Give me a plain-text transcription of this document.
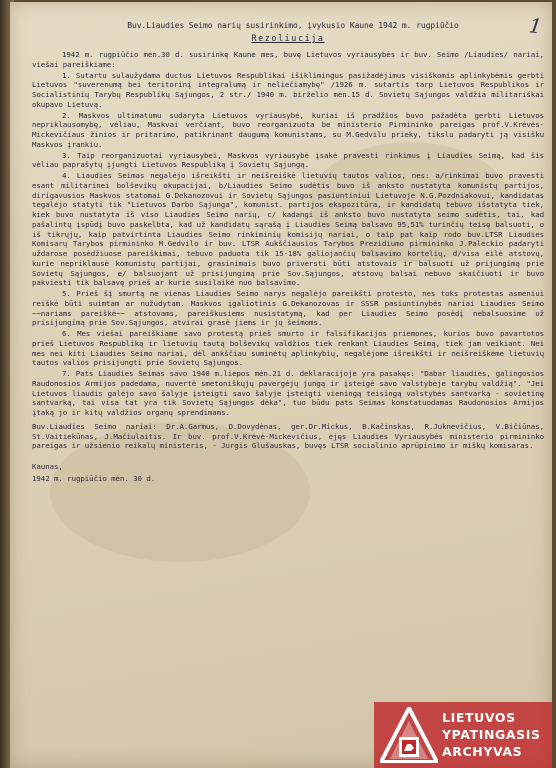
1
Buv.Liaudies Seimo narių susirinkimo, įvykusio Kaune 1942 m. rugpiūčio
Rezoliucija

1942 m. rugpiūčio mėn.30 d. susirinkę Kaune mes, buvę Lietuvos vyriausybės ir buv. Seimo /Liaudies/ nariai, viešai pareiškiame:

1. Sutartu sulaužydama ductus Lietuvos Respublikai išiklimingus pasižadėjimus visiškomis aplinkybėmis gerbti Lietuvos "suverenumą bei teritorinį integralumą ir neliečiamybę" /1926 m. sutartis tarp Lietuvos Respublikos ir Socialistinių Tarybų Respublikų Sąjungos, 2 str./ 1940 m. birželio mėn.15 d. Sovietų Sąjungos valdžia militariškai okupavo Lietuvą.

2. Maskvos ultimatumu sudaryta Lietuvos vyriausybė, kuriai iš pradžios buvo pažadėta gerbti Lietuvos nepriklausomybę, vėliau, Maskvai verčiant, buvo reorganizuota be ministerio Pirmininko pareigas prof.V.Krėvės-Mickevičiaus žinios ir pritarimo, patikrinant daugumą komunistams, su M.Gedvilu prieky, tikslu padaryti ją visišku Maskvos įrankiu.

3. Taip reorganizuotai vyriausybei, Maskvos vyriausybė įsakė pravesti rinkimus į Liaudies Seimą, kad šis vėliau paprašytų įjungti Lietuvos Respubliką į Sovietų Sąjungą.

4. Liaudies Seimas negalėjo išreikšti ir neišreiškė lietuvių tautos valios, nes: a/rinkimai buvo pravesti esant militarinei bolševikų okupacijai, b/Liaudies Seimo sudėtis buvo iš anksto nustatyta komunistų partijos, dirigavusios Maskvos statomai G.Dekanozovui ir Sovietų Sąjungos pasiuntiniui Lietuvoje N.G.Pozdniakovui, kandidatas tegalėjo statyti tik "Lietuvos Darbo Sąjunga", komunist. partijos ekspozitūra, ir kandidatų tebuvo išstatyta tiek, kiek buvo nustatyta iš viso Liaudies Seimo narių, c/ kadangi iš anksto buvo nustatyta seimo sudėtis, tai, kad pašalintų įspūdį buvo paskelbta, kad už kandidatų sąrašą į Liaudies Seimą balsavo 95,51% turinčių teisę balsuoti, o iš tikrųjų, kaip patvirtinta Liaudies Seimo rinkiminių komisijų nariai, o taip pat kaip rodo buv.LTSR Liaudies Komisarų Tarybos pirmininko M.Gedvilo ir buv. LTSR Aukščiausios Tarybos Prezidiumo pirmininko J.Paleckio padaryti uždarose posėdžiuose pareiškimai, tebuvo paduota tik 15-18% galiojančių balsavimo kortelių, d/visa eilė atstovų, kurie nepriklausė komunistų partijai, grasinimais buvo priversti būti atstovais ir balsuoti už prijungimą prie Sovietų Sąjungos, e/ balsuojant už prisijungimą prie Sov.Sąjungos, atstovų balsai nebuvo skaičiuoti ir buvo pakviesti tik balsavę prieš ar kurie susilaikė nuo balsavimo.

5. Prieš šį smurtą ne vienas Liaudies Seimo narys negalėjo pareikšti protesto, nes toks protestas asmeniui reiškė būti suimtam ar nužudytam. Maskvos įgaliotinis G.Dekanozovas ir SSSR pasiuntinybės nariai Liaudies Seimo ~~nariams pareiškė~~ atstovams, pareiškusiems nusistatymą, kad per Liaudies Seimo posėdį nebalsuosime už prisijungimą prie Sov.Sąjungos, atvirai grasė jiems ir jų šeimoms.

6. Mes viešai pareiškiame savo protestą prieš smurto ir falsifikacijos priemones, kurios buvo pavartotos prieš Lietuvos Respubliką ir lietuvių tautą bolševikų valdžios tiek renkant Liaudies Seimą, tiek jam veikiant. Nei mes nei kiti Liaudies Seimo nariai, dėl ankščiau suminėtų aplinkybių, negalėjome išreikšti ir neišreiškėme lietuvių tautos valios prisijungti prie Sovietų Sąjungos.

7. Pats Liaudies Seimas savo 1940 m.liepos mėn.21 d. deklaracijoje yra pasakęs: "Dabar liaudies, galingosios Raudonosios Armijos padedama, nuvertė smetoniškųjų pavergėjų jungą ir įsteigė savo valstybėje tarybų valdžią". "Jei Lietuvos liaudis galėjo savo šalyje įsteigti savo šalyje įsteigti vieningą teisingą valstybės santvarką - sovietinę santvarką, tai visa tat yra tik Sovietų Sąjungos dėka", tuo būdu pats Seimas konstatuodamas Raudonosios Armijos įtaką jo ir kitų valdžios organų sprendimams.

Buv.Liaudies Seimo nariai: Dr.A.Garmus, D.Dovydėnas, ger.Dr.Mickus, B.Kačinskas, R.Juknevičius, V.Bičiūnas, St.Vaitiekūnas, J.Mačiulaitis. Ir buv. prof.V.Krėvė-Mickevičius, ėjęs Liaudies Vyriausybės ministerio pirmininko pareigas ir užsienio reikalų ministeris, - Jurgis Glušauskas, buvęs LTSR socialinio aprūpinimo ir miškų komisaras.
Kaunas,
1942 m. rugpiūčio mėn. 30 d.
LIETUVOS
YPATINGASIS
ARCHYVAS
